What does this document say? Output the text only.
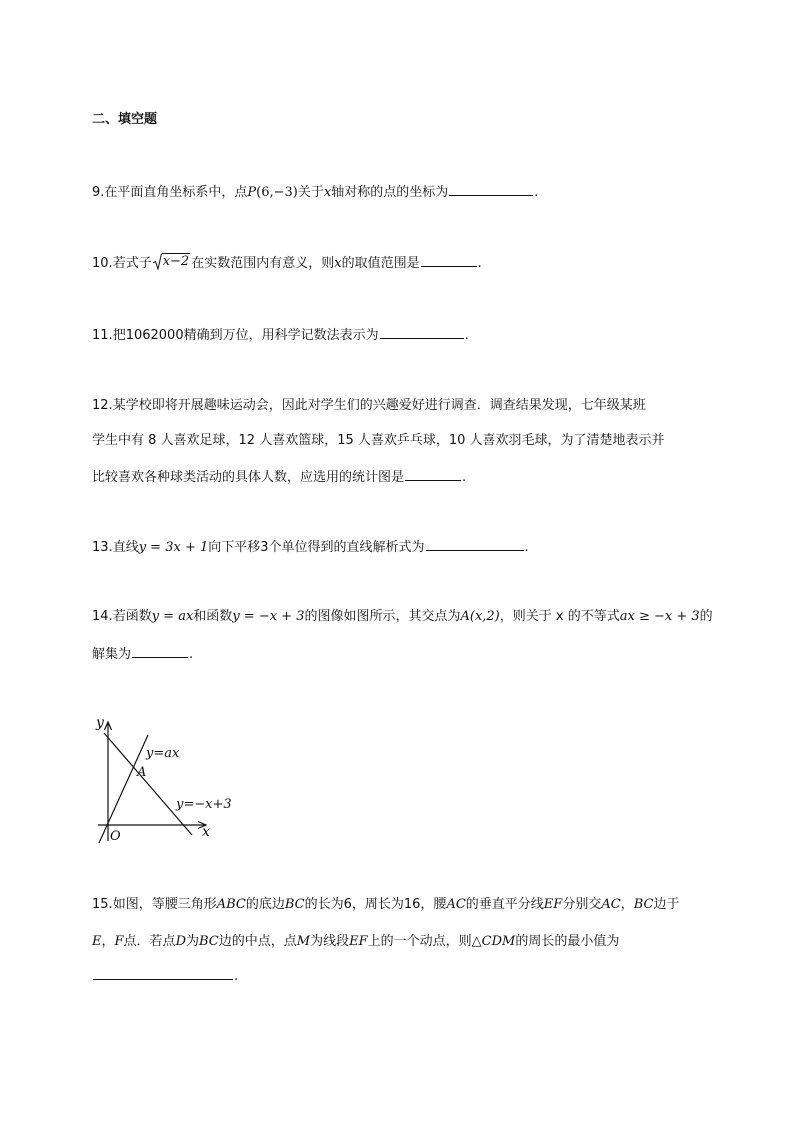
二、填空题
9.在平面直角坐标系中，点P(6,−3)关于x轴对称的点的坐标为	.
10.若式子 x−2 在实数范围内有意义，则x的取值范围是	.
11.把1062000精确到万位，用科学记数法表示为	.
12.某学校即将开展趣味运动会，因此对学生们的兴趣爱好进行调查．调查结果发现，七年级某班
学生中有 8 人喜欢足球，12 人喜欢篮球，15 人喜欢乒乓球，10 人喜欢羽毛球，为了清楚地表示并
比较喜欢各种球类活动的具体人数，应选用的统计图是	.
13.直线y = 3x + 1向下平移3个单位得到的直线解析式为	.
14.若函数y = ax和函数y = −x + 3的图像如图所示，其交点为A(x,2)，则关于 x 的不等式ax ≥ −x + 3的
解集为	.
y
x
O
y=ax
A
y=−x+3
15.如图，等腰三角形ABC的底边BC的长为6，周长为16，腰AC的垂直平分线EF分别交AC，BC边于
E，F点．若点D为BC边的中点，点M为线段EF上的一个动点，则△CDM的周长的最小值为
.
